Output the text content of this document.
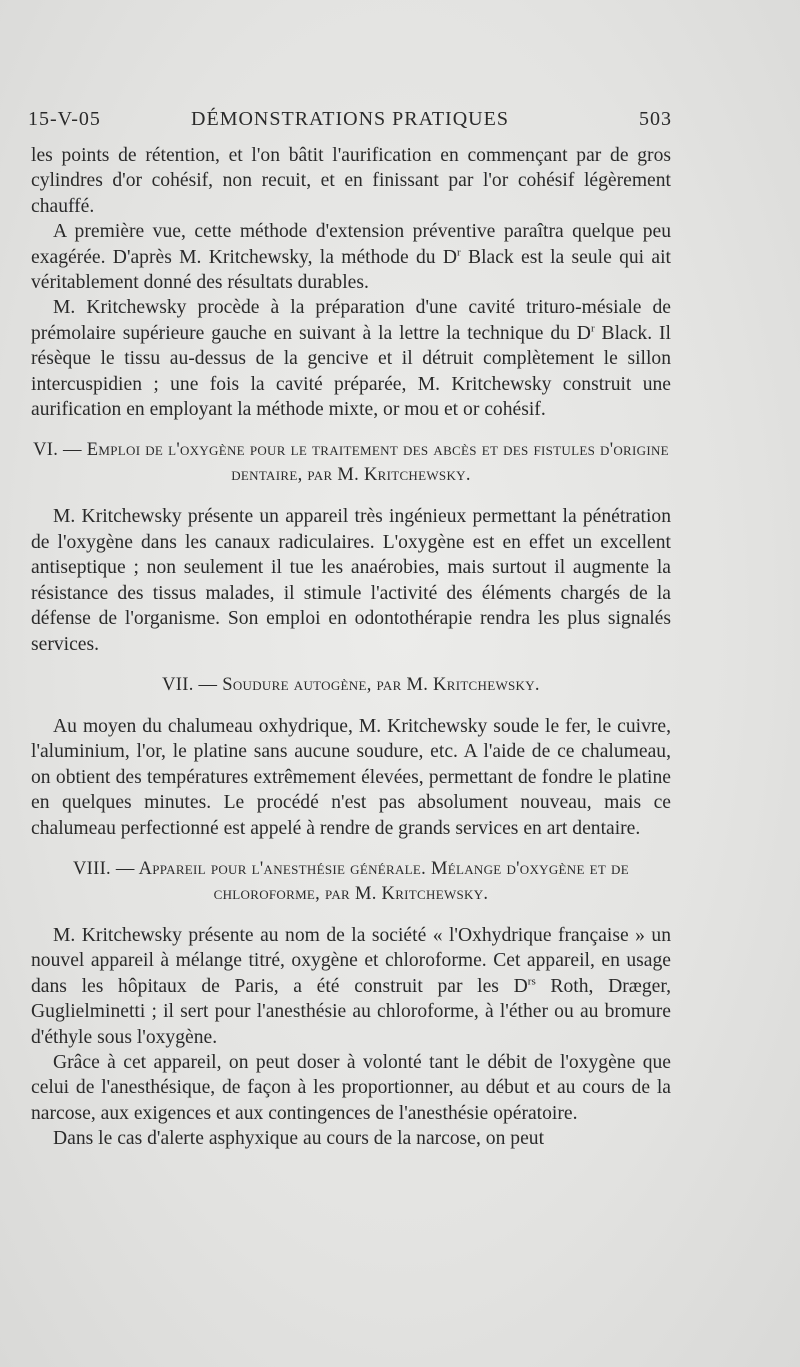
15-V-05	DÉMONSTRATIONS PRATIQUES	503

les points de rétention, et l'on bâtit l'aurification en commençant par de gros cylindres d'or cohésif, non recuit, et en finissant par l'or cohésif légèrement chauffé.

A première vue, cette méthode d'extension préventive paraîtra quelque peu exagérée. D'après M. Kritchewsky, la méthode du $D^r$ Black est la seule qui ait véritablement donné des résultats durables.

M. Kritchewsky procède à la préparation d'une cavité trituro-mésiale de prémolaire supérieure gauche en suivant à la lettre la technique du $D^r$ Black. Il résèque le tissu au-dessus de la gencive et il détruit complètement le sillon intercuspidien ; une fois la cavité préparée, M. Kritchewsky construit une aurification en employant la méthode mixte, or mou et or cohésif.

VI. — Emploi de l'oxygène pour le traitement des abcès et des fistules d'origine dentaire, par M. Kritchewsky.

M. Kritchewsky présente un appareil très ingénieux permettant la pénétration de l'oxygène dans les canaux radiculaires. L'oxygène est en effet un excellent antiseptique ; non seulement il tue les anaérobies, mais surtout il augmente la résistance des tissus malades, il stimule l'activité des éléments chargés de la défense de l'organisme. Son emploi en odontothérapie rendra les plus signalés services.

VII. — Soudure autogène, par M. Kritchewsky.

Au moyen du chalumeau oxhydrique, M. Kritchewsky soude le fer, le cuivre, l'aluminium, l'or, le platine sans aucune soudure, etc. A l'aide de ce chalumeau, on obtient des températures extrêmement élevées, permettant de fondre le platine en quelques minutes. Le procédé n'est pas absolument nouveau, mais ce chalumeau perfectionné est appelé à rendre de grands services en art dentaire.

VIII. — Appareil pour l'anesthésie générale. Mélange d'oxygène et de chloroforme, par M. Kritchewsky.

M. Kritchewsky présente au nom de la société « l'Oxhydrique française » un nouvel appareil à mélange titré, oxygène et chloroforme. Cet appareil, en usage dans les hôpitaux de Paris, a été construit par les $D^{rs}$ Roth, Dræger, Guglielminetti ; il sert pour l'anesthésie au chloroforme, à l'éther ou au bromure d'éthyle sous l'oxygène.

Grâce à cet appareil, on peut doser à volonté tant le débit de l'oxygène que celui de l'anesthésique, de façon à les proportionner, au début et au cours de la narcose, aux exigences et aux contingences de l'anesthésie opératoire.

Dans le cas d'alerte asphyxique au cours de la narcose, on peut
